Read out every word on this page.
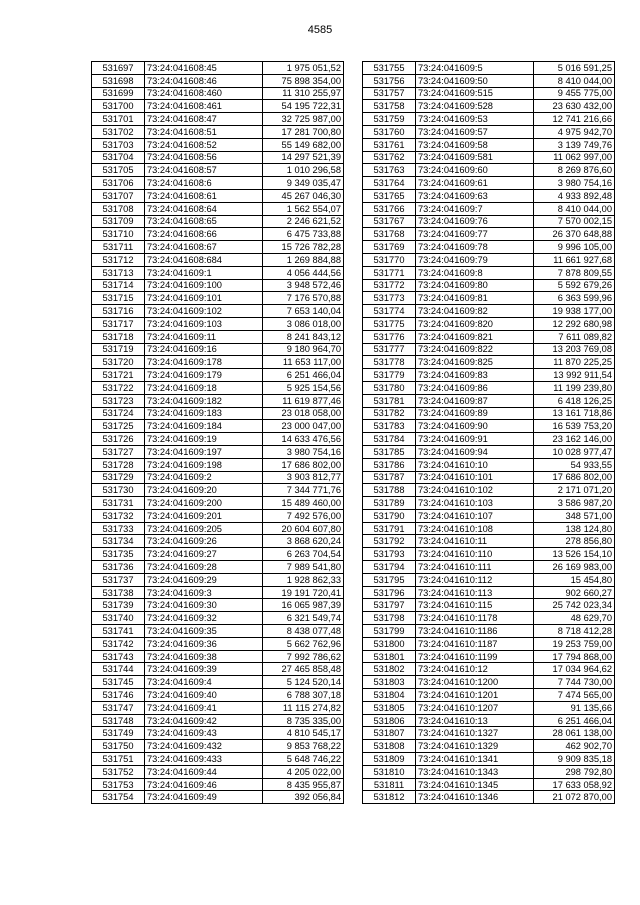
4585
531697	73:24:041608:45	1 975 051,52
531698	73:24:041608:46	75 898 354,00
531699	73:24:041608:460	11 310 255,97
531700	73:24:041608:461	54 195 722,31
531701	73:24:041608:47	32 725 987,00
531702	73:24:041608:51	17 281 700,80
531703	73:24:041608:52	55 149 682,00
531704	73:24:041608:56	14 297 521,39
531705	73:24:041608:57	1 010 296,58
531706	73:24:041608:6	9 349 035,47
531707	73:24:041608:61	45 267 046,30
531708	73:24:041608:64	1 562 554,07
531709	73:24:041608:65	2 246 621,52
531710	73:24:041608:66	6 475 733,88
531711	73:24:041608:67	15 726 782,28
531712	73:24:041608:684	1 269 884,88
531713	73:24:041609:1	4 056 444,56
531714	73:24:041609:100	3 948 572,46
531715	73:24:041609:101	7 176 570,88
531716	73:24:041609:102	7 653 140,04
531717	73:24:041609:103	3 086 018,00
531718	73:24:041609:11	8 241 843,12
531719	73:24:041609:16	9 180 964,70
531720	73:24:041609:178	11 653 117,00
531721	73:24:041609:179	6 251 466,04
531722	73:24:041609:18	5 925 154,56
531723	73:24:041609:182	11 619 877,46
531724	73:24:041609:183	23 018 058,00
531725	73:24:041609:184	23 000 047,00
531726	73:24:041609:19	14 633 476,56
531727	73:24:041609:197	3 980 754,16
531728	73:24:041609:198	17 686 802,00
531729	73:24:041609:2	3 903 812,77
531730	73:24:041609:20	7 344 771,76
531731	73:24:041609:200	15 489 460,00
531732	73:24:041609:201	7 492 576,00
531733	73:24:041609:205	20 604 607,80
531734	73:24:041609:26	3 868 620,24
531735	73:24:041609:27	6 263 704,54
531736	73:24:041609:28	7 989 541,80
531737	73:24:041609:29	1 928 862,33
531738	73:24:041609:3	19 191 720,41
531739	73:24:041609:30	16 065 987,39
531740	73:24:041609:32	6 321 549,74
531741	73:24:041609:35	8 438 077,48
531742	73:24:041609:36	5 662 762,96
531743	73:24:041609:38	7 992 786,62
531744	73:24:041609:39	27 465 858,48
531745	73:24:041609:4	5 124 520,14
531746	73:24:041609:40	6 788 307,18
531747	73:24:041609:41	11 115 274,82
531748	73:24:041609:42	8 735 335,00
531749	73:24:041609:43	4 810 545,17
531750	73:24:041609:432	9 853 768,22
531751	73:24:041609:433	5 648 746,22
531752	73:24:041609:44	4 205 022,00
531753	73:24:041609:46	8 435 955,87
531754	73:24:041609:49	392 056,84
531755	73:24:041609:5	5 016 591,25
531756	73:24:041609:50	8 410 044,00
531757	73:24:041609:515	9 455 775,00
531758	73:24:041609:528	23 630 432,00
531759	73:24:041609:53	12 741 216,66
531760	73:24:041609:57	4 975 942,70
531761	73:24:041609:58	3 139 749,76
531762	73:24:041609:581	11 062 997,00
531763	73:24:041609:60	8 269 876,60
531764	73:24:041609:61	3 980 754,16
531765	73:24:041609:63	4 933 892,48
531766	73:24:041609:7	8 410 044,00
531767	73:24:041609:76	7 570 002,15
531768	73:24:041609:77	26 370 648,88
531769	73:24:041609:78	9 996 105,00
531770	73:24:041609:79	11 661 927,68
531771	73:24:041609:8	7 878 809,55
531772	73:24:041609:80	5 592 679,26
531773	73:24:041609:81	6 363 599,96
531774	73:24:041609:82	19 938 177,00
531775	73:24:041609:820	12 292 680,98
531776	73:24:041609:821	7 611 089,82
531777	73:24:041609:822	13 203 769,08
531778	73:24:041609:825	11 870 225,25
531779	73:24:041609:83	13 992 911,54
531780	73:24:041609:86	11 199 239,80
531781	73:24:041609:87	6 418 126,25
531782	73:24:041609:89	13 161 718,86
531783	73:24:041609:90	16 539 753,20
531784	73:24:041609:91	23 162 146,00
531785	73:24:041609:94	10 028 977,47
531786	73:24:041610:10	54 933,55
531787	73:24:041610:101	17 686 802,00
531788	73:24:041610:102	2 171 071,20
531789	73:24:041610:103	3 586 987,20
531790	73:24:041610:107	348 571,00
531791	73:24:041610:108	138 124,80
531792	73:24:041610:11	278 856,80
531793	73:24:041610:110	13 526 154,10
531794	73:24:041610:111	26 169 983,00
531795	73:24:041610:112	15 454,80
531796	73:24:041610:113	902 660,27
531797	73:24:041610:115	25 742 023,34
531798	73:24:041610:1178	48 629,70
531799	73:24:041610:1186	8 718 412,28
531800	73:24:041610:1187	19 253 759,00
531801	73:24:041610:1199	17 794 868,00
531802	73:24:041610:12	17 034 964,62
531803	73:24:041610:1200	7 744 730,00
531804	73:24:041610:1201	7 474 565,00
531805	73:24:041610:1207	91 135,66
531806	73:24:041610:13	6 251 466,04
531807	73:24:041610:1327	28 061 138,00
531808	73:24:041610:1329	462 902,70
531809	73:24:041610:1341	9 909 835,18
531810	73:24:041610:1343	298 792,80
531811	73:24:041610:1345	17 633 058,92
531812	73:24:041610:1346	21 072 870,00
